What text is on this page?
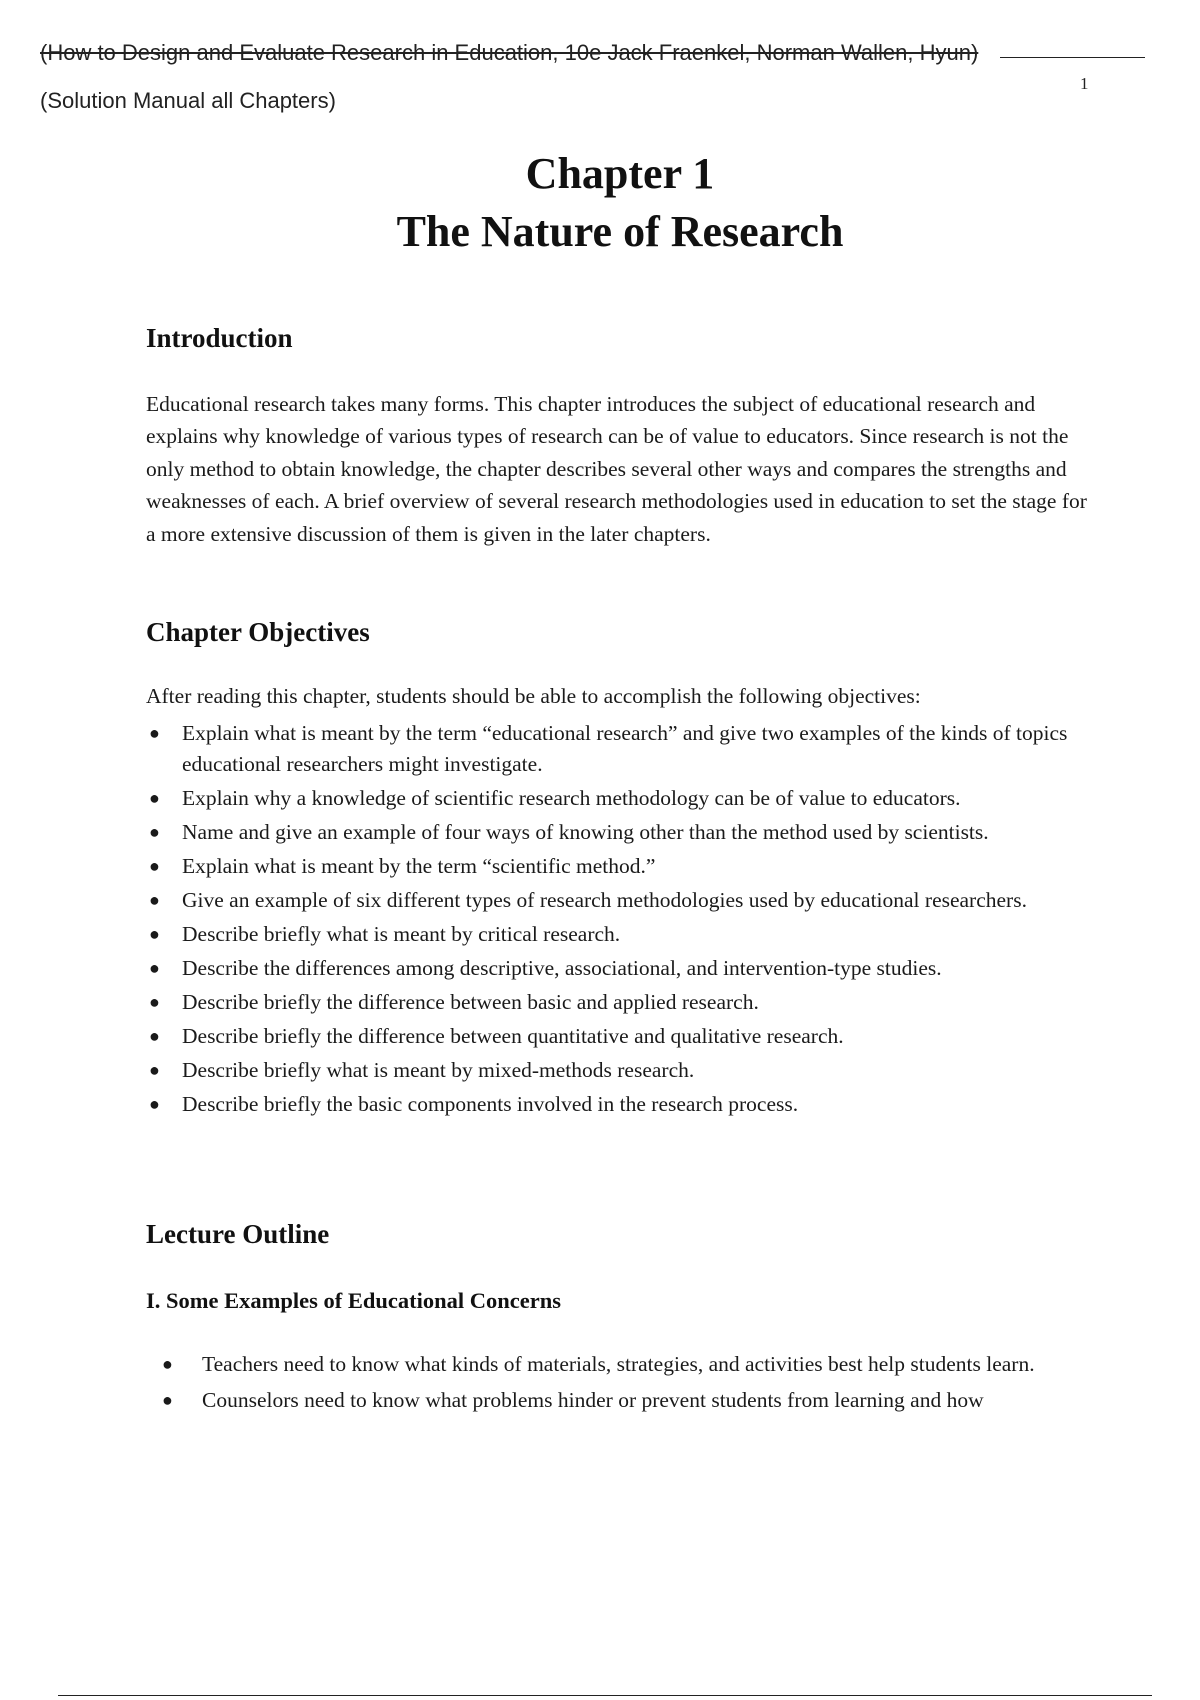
(How to Design and Evaluate Research in Education, 10e Jack Fraenkel, Norman Wallen, Hyun)
1
(Solution Manual all Chapters)
Chapter 1
The Nature of Research
Introduction

Educational research takes many forms. This chapter introduces the subject of educational research and explains why knowledge of various types of research can be of value to educators. Since research is not the only method to obtain knowledge, the chapter describes several other ways and compares the strengths and weaknesses of each. A brief overview of several research methodologies used in education to set the stage for a more extensive discussion of them is given in the later chapters.

Chapter Objectives
After reading this chapter, students should be able to accomplish the following objectives:
● Explain what is meant by the term “educational research” and give two examples of the kinds of topics educational researchers might investigate.
● Explain why a knowledge of scientific research methodology can be of value to educators.
● Name and give an example of four ways of knowing other than the method used by scientists.
● Explain what is meant by the term “scientific method.”
● Give an example of six different types of research methodologies used by educational researchers.
● Describe briefly what is meant by critical research.
● Describe the differences among descriptive, associational, and intervention-type studies.
● Describe briefly the difference between basic and applied research.
● Describe briefly the difference between quantitative and qualitative research.
● Describe briefly what is meant by mixed-methods research.
● Describe briefly the basic components involved in the research process.
Lecture Outline
I. Some Examples of Educational Concerns
● Teachers need to know what kinds of materials, strategies, and activities best help students learn.
● Counselors need to know what problems hinder or prevent students from learning and how
